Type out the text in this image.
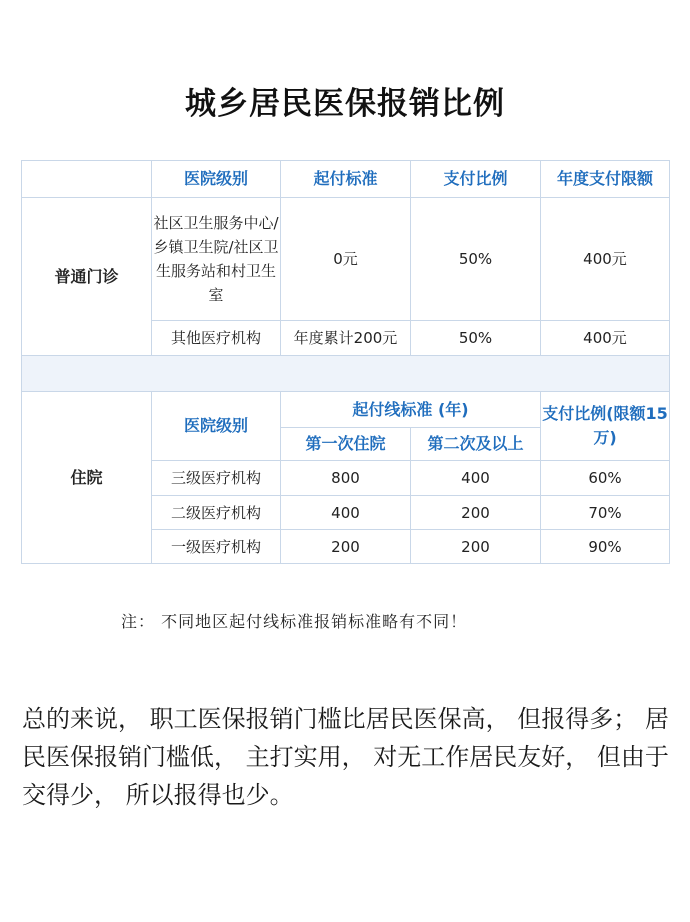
城乡居民医保报销比例
	医院级别	起付标准	支付比例	年度支付限额
普通门诊	社区卫生服务中心/乡镇卫生院/社区卫生服务站和村卫生室	0元	50%	400元
	其他医疗机构	年度累计200元	50%	400元

住院	医院级别	起付线标准 (年)		支付比例(限额15万)
		第一次住院	第二次及以上	
	三级医疗机构	800	400	60%
	二级医疗机构	400	200	70%
	一级医疗机构	200	200	90%
注： 不同地区起付线标准报销标准略有不同！
总的来说， 职工医保报销门槛比居民医保高， 但报得多； 居民医保报销门槛低， 主打实用， 对无工作居民友好， 但由于交得少， 所以报得也少。
